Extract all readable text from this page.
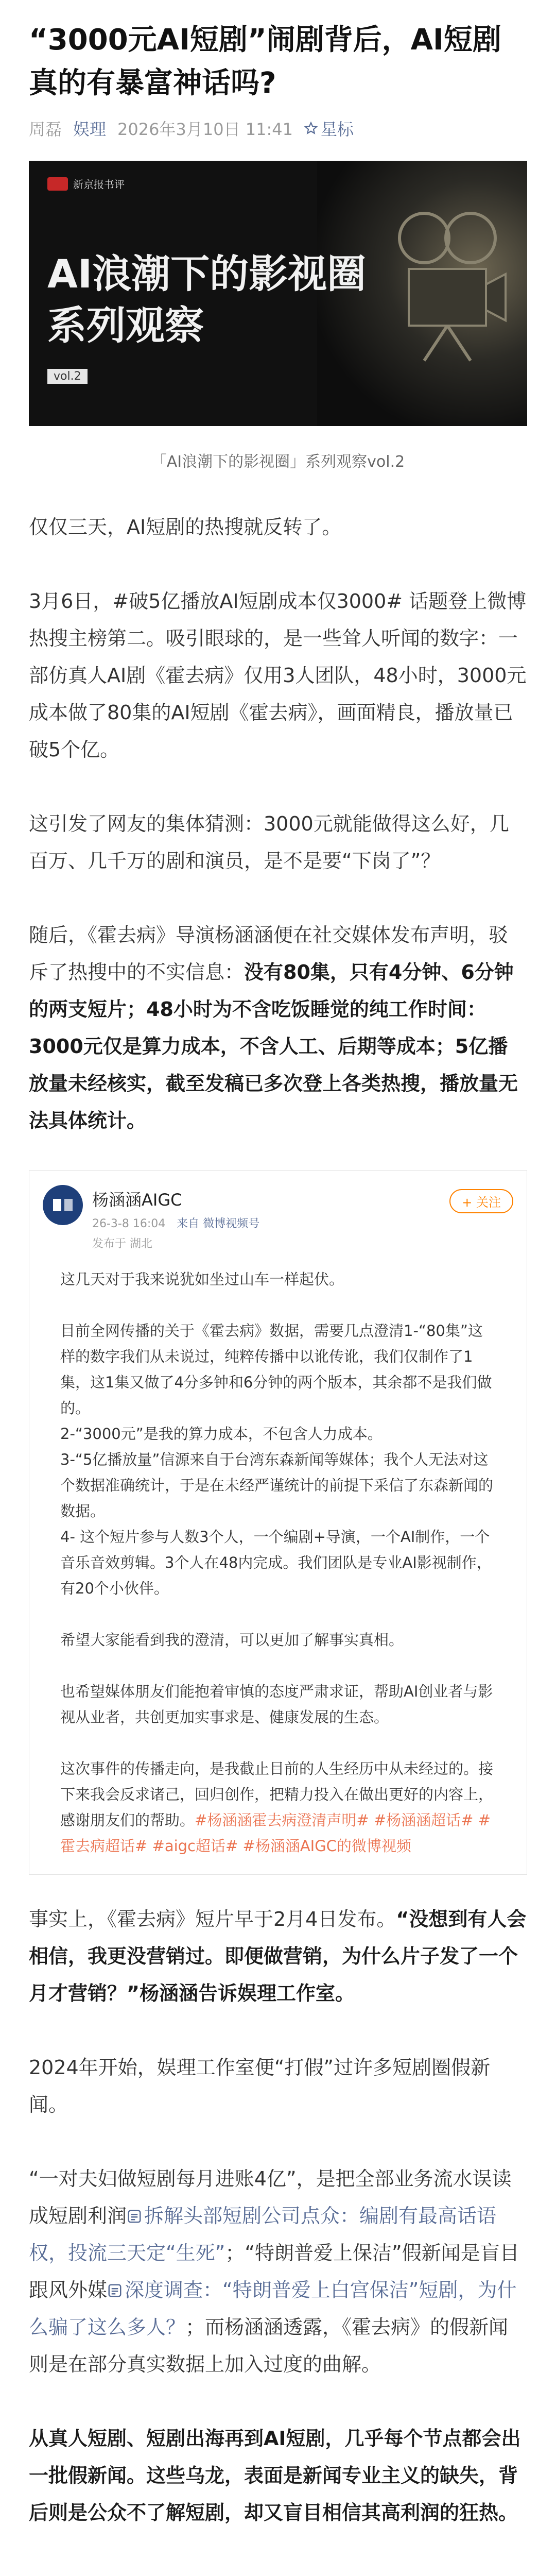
“3000元AI短剧”闹剧背后，AI短剧真的有暴富神话吗?
周磊 娱理 2026年3月10日 11:41 星标
新京报书评
AI浪潮下的影视圈
系列观察
vol.2

「AI浪潮下的影视圈」系列观察vol.2

仅仅三天，AI短剧的热搜就反转了。

3月6日，#破5亿播放AI短剧成本仅3000# 话题登上微博热搜主榜第二。吸引眼球的，是一些耸人听闻的数字：一部仿真人AI剧《霍去病》仅用3人团队，48小时，3000元成本做了80集的AI短剧《霍去病》，画面精良，播放量已破5个亿。

这引发了网友的集体猜测：3000元就能做得这么好，几百万、几千万的剧和演员，是不是要“下岗了”？

随后，《霍去病》导演杨涵涵便在社交媒体发布声明，驳斥了热搜中的不实信息：没有80集，只有4分钟、6分钟的两支短片；48小时为不含吃饭睡觉的纯工作时间：3000元仅是算力成本，不含人工、后期等成本；5亿播放量未经核实，截至发稿已多次登上各类热搜，播放量无法具体统计。

杨涵涵AIGC
26-3-8 16:04  来自 微博视频号
发布于 湖北
+ 关注

这几天对于我来说犹如坐过山车一样起伏。

目前全网传播的关于《霍去病》数据，需要几点澄清1-“80集”这样的数字我们从未说过，纯粹传播中以讹传讹，我们仅制作了1集，这1集又做了4分多钟和6分钟的两个版本，其余都不是我们做的。
2-“3000元”是我的算力成本，不包含人力成本。
3-“5亿播放量”信源来自于台湾东森新闻等媒体；我个人无法对这个数据准确统计，于是在未经严谨统计的前提下采信了东森新闻的数据。
4- 这个短片参与人数3个人，一个编剧+导演，一个AI制作，一个音乐音效剪辑。3个人在48内完成。我们团队是专业AI影视制作，有20个小伙伴。

希望大家能看到我的澄清，可以更加了解事实真相。

也希望媒体朋友们能抱着审慎的态度严肃求证，帮助AI创业者与影视从业者，共创更加实事求是、健康发展的生态。

这次事件的传播走向，是我截止目前的人生经历中从未经过的。接下来我会反求诸己，回归创作，把精力投入在做出更好的内容上，感谢朋友们的帮助。#杨涵涵霍去病澄清声明# #杨涵涵超话# #霍去病超话# #aigc超话# #杨涵涵AIGC的微博视频

事实上，《霍去病》短片早于2月4日发布。“没想到有人会相信，我更没营销过。即便做营销，为什么片子发了一个月才营销？”杨涵涵告诉娱理工作室。

2024年开始，娱理工作室便“打假”过许多短剧圈假新闻。

“一对夫妇做短剧每月进账4亿”，是把全部业务流水误读成短剧利润 拆解头部短剧公司点众：编剧有最高话语权，投流三天定“生死”；“特朗普爱上保洁”假新闻是盲目跟风外媒 深度调查：“特朗普爱上白宫保洁”短剧，为什么骗了这么多人？；而杨涵涵透露，《霍去病》的假新闻则是在部分真实数据上加入过度的曲解。

从真人短剧、短剧出海再到AI短剧，几乎每个节点都会出一批假新闻。这些乌龙，表面是新闻专业主义的缺失，背后则是公众不了解短剧，却又盲目相信其高利润的狂热。
